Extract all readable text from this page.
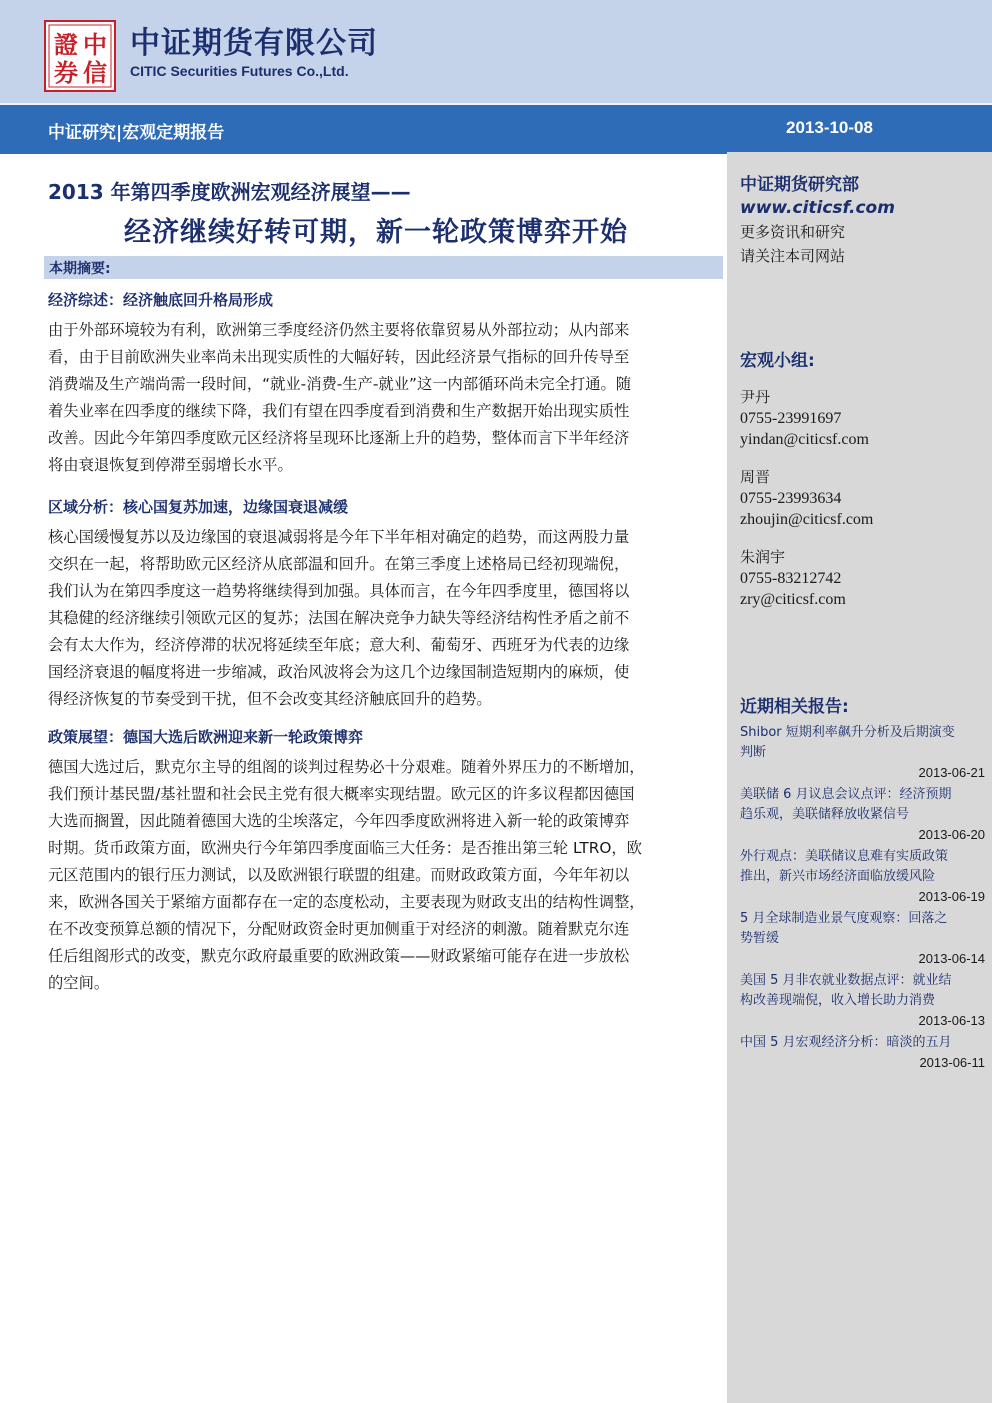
證
券
中
信
中证期货有限公司
CITIC Securities Futures Co.,Ltd.
中证研究|宏观定期报告	2013-10-08
2013 年第四季度欧洲宏观经济展望——
经济继续好转可期，新一轮政策博弈开始
本期摘要:
经济综述：经济触底回升格局形成
由于外部环境较为有利，欧洲第三季度经济仍然主要将依靠贸易从外部拉动；从内部来
看，由于目前欧洲失业率尚未出现实质性的大幅好转，因此经济景气指标的回升传导至
消费端及生产端尚需一段时间，“就业-消费-生产-就业”这一内部循环尚未完全打通。随
着失业率在四季度的继续下降，我们有望在四季度看到消费和生产数据开始出现实质性
改善。因此今年第四季度欧元区经济将呈现环比逐渐上升的趋势，整体而言下半年经济
将由衰退恢复到停滞至弱增长水平。
区域分析：核心国复苏加速，边缘国衰退减缓
核心国缓慢复苏以及边缘国的衰退减弱将是今年下半年相对确定的趋势，而这两股力量
交织在一起，将帮助欧元区经济从底部温和回升。在第三季度上述格局已经初现端倪，
我们认为在第四季度这一趋势将继续得到加强。具体而言，在今年四季度里，德国将以
其稳健的经济继续引领欧元区的复苏；法国在解决竞争力缺失等经济结构性矛盾之前不
会有太大作为，经济停滞的状况将延续至年底；意大利、葡萄牙、西班牙为代表的边缘
国经济衰退的幅度将进一步缩减，政治风波将会为这几个边缘国制造短期内的麻烦，使
得经济恢复的节奏受到干扰，但不会改变其经济触底回升的趋势。
政策展望：德国大选后欧洲迎来新一轮政策博弈
德国大选过后，默克尔主导的组阁的谈判过程势必十分艰难。随着外界压力的不断增加，
我们预计基民盟/基社盟和社会民主党有很大概率实现结盟。欧元区的许多议程都因德国
大选而搁置，因此随着德国大选的尘埃落定，今年四季度欧洲将进入新一轮的政策博弈
时期。货币政策方面，欧洲央行今年第四季度面临三大任务：是否推出第三轮 LTRO，欧
元区范围内的银行压力测试，以及欧洲银行联盟的组建。而财政政策方面，今年年初以
来，欧洲各国关于紧缩方面都存在一定的态度松动，主要表现为财政支出的结构性调整，
在不改变预算总额的情况下，分配财政资金时更加侧重于对经济的刺激。随着默克尔连
任后组阁形式的改变，默克尔政府最重要的欧洲政策——财政紧缩可能存在进一步放松
的空间。
中证期货研究部
www.citicsf.com
更多资讯和研究
请关注本司网站
宏观小组:
尹丹
0755-23991697
yindan@citicsf.com
周晋
0755-23993634
zhoujin@citicsf.com
朱润宇
0755-83212742
zry@citicsf.com
近期相关报告:
Shibor 短期利率飙升分析及后期演变
判断
2013-06-21
美联储 6 月议息会议点评：经济预期
趋乐观，美联储释放收紧信号
2013-06-20
外行观点：美联储议息难有实质政策
推出，新兴市场经济面临放缓风险
2013-06-19
5 月全球制造业景气度观察：回落之
势暂缓
2013-06-14
美国 5 月非农就业数据点评：就业结
构改善现端倪，收入增长助力消费
2013-06-13
中国 5 月宏观经济分析：暗淡的五月
2013-06-11
